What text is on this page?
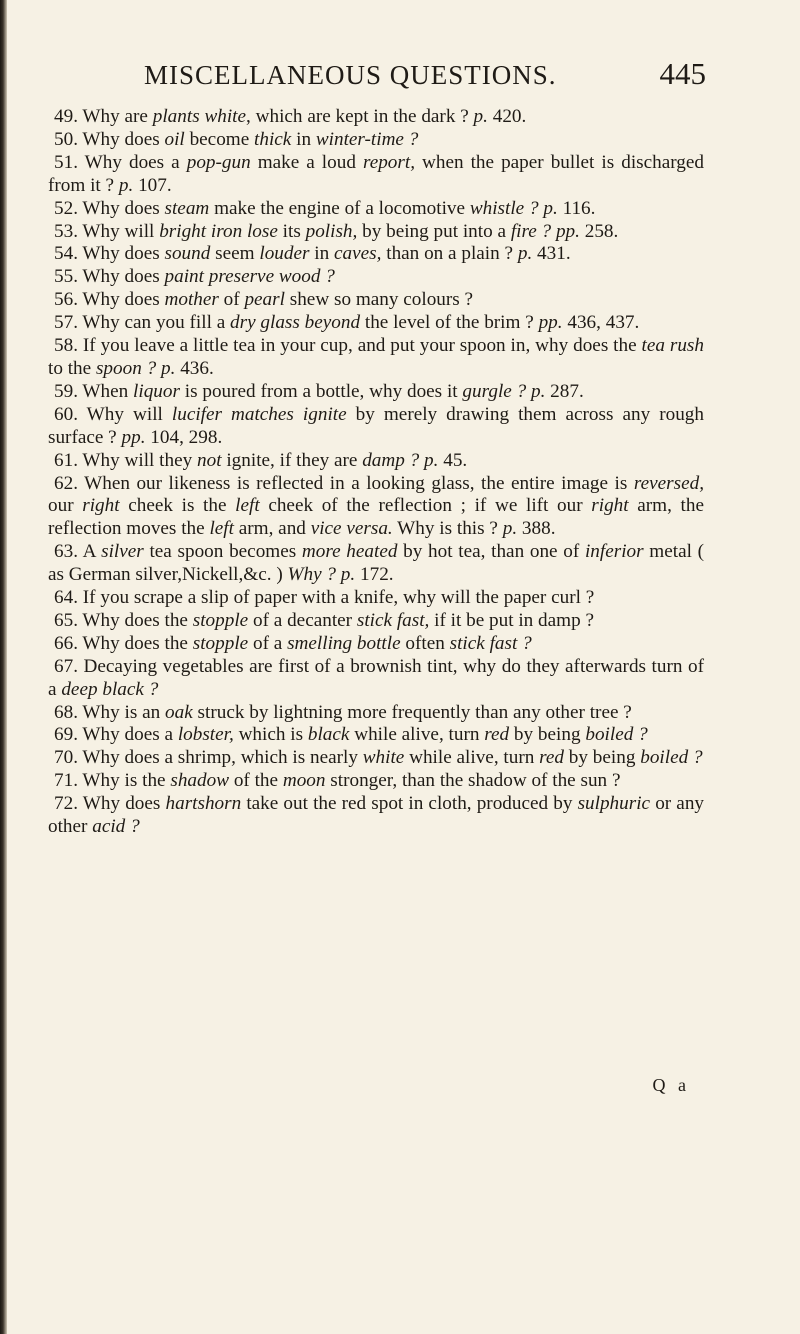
MISCELLANEOUS QUESTIONS.	445

49. Why are plants white, which are kept in the dark ? p. 420.

50. Why does oil become thick in winter-time ?

51. Why does a pop-gun make a loud report, when the paper bullet is discharged from it ? p. 107.

52. Why does steam make the engine of a locomotive whistle ? p. 116.

53. Why will bright iron lose its polish, by being put into a fire ? pp. 258.

54. Why does sound seem louder in caves, than on a plain ? p. 431.

55. Why does paint preserve wood ?

56. Why does mother of pearl shew so many colours ?

57. Why can you fill a dry glass beyond the level of the brim ? pp. 436, 437.

58. If you leave a little tea in your cup, and put your spoon in, why does the tea rush to the spoon ? p. 436.

59. When liquor is poured from a bottle, why does it gurgle ? p. 287.

60. Why will lucifer matches ignite by merely drawing them across any rough surface ? pp. 104, 298.

61. Why will they not ignite, if they are damp ? p. 45.

62. When our likeness is reflected in a looking glass, the entire image is reversed, our right cheek is the left cheek of the reflection ; if we lift our right arm, the reflection moves the left arm, and vice versa. Why is this ? p. 388.

63. A silver tea spoon becomes more heated by hot tea, than one of inferior metal ( as German silver,Nickell,&c. ) Why ? p. 172.

64. If you scrape a slip of paper with a knife, why will the paper curl ?

65. Why does the stopple of a decanter stick fast, if it be put in damp ?

66. Why does the stopple of a smelling bottle often stick fast ?

67. Decaying vegetables are first of a brownish tint, why do they afterwards turn of a deep black ?

68. Why is an oak struck by lightning more frequently than any other tree ?

69. Why does a lobster, which is black while alive, turn red by being boiled ?

70. Why does a shrimp, which is nearly white while alive, turn red by being boiled ?

71. Why is the shadow of the moon stronger, than the shadow of the sun ?

72. Why does hartshorn take out the red spot in cloth, produced by sulphuric or any other acid ?

Q a
